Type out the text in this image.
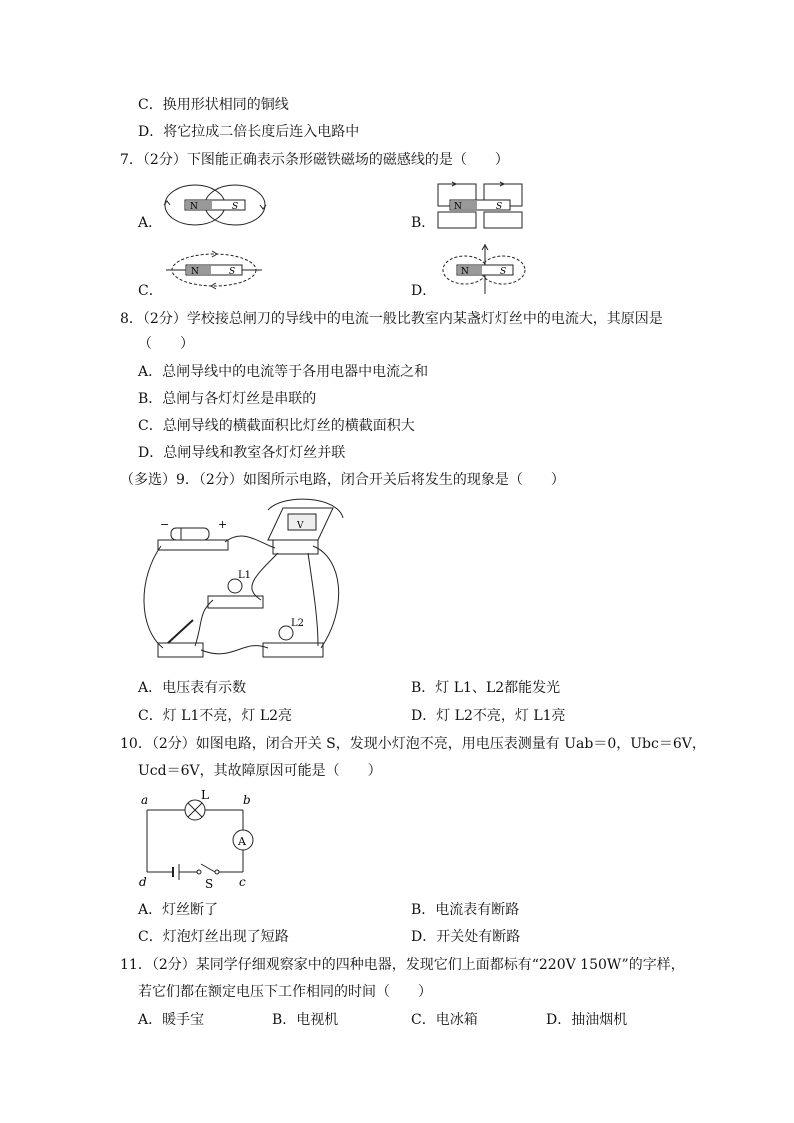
C．换用形状相同的铜线
D．将它拉成二倍长度后连入电路中
7．（2分）下图能正确表示条形磁铁磁场的磁感线的是（　　）
A．
N	S
B．
N	S
C．
N	S
D．
N	S
8．（2分）学校接总闸刀的导线中的电流一般比教室内某盏灯灯丝中的电流大，其原因是
（　　）
A．总闸导线中的电流等于各用电器中电流之和
B．总闸与各灯灯丝是串联的
C．总闸导线的横截面积比灯丝的横截面积大
D．总闸导线和教室各灯灯丝并联
（多选）9．（2分）如图所示电路，闭合开关后将发生的现象是（　　）
−	+	V
L1
L2
A．电压表有示数	B．灯 L1、L2都能发光
C．灯 L1不亮，灯 L2亮	D．灯 L2不亮，灯 L1亮
10．（2分）如图电路，闭合开关 S，发现小灯泡不亮，用电压表测量有 Uab＝0，Ubc＝6V，
Ucd＝6V，其故障原因可能是（　　）
A
a	b
c
d
L
S
A．灯丝断了	B．电流表有断路
C．灯泡灯丝出现了短路	D．开关处有断路
11．（2分）某同学仔细观察家中的四种电器，发现它们上面都标有“220V 150W”的字样，
若它们都在额定电压下工作相同的时间（　　）
A．暖手宝	B．电视机	C．电冰箱	D．抽油烟机
